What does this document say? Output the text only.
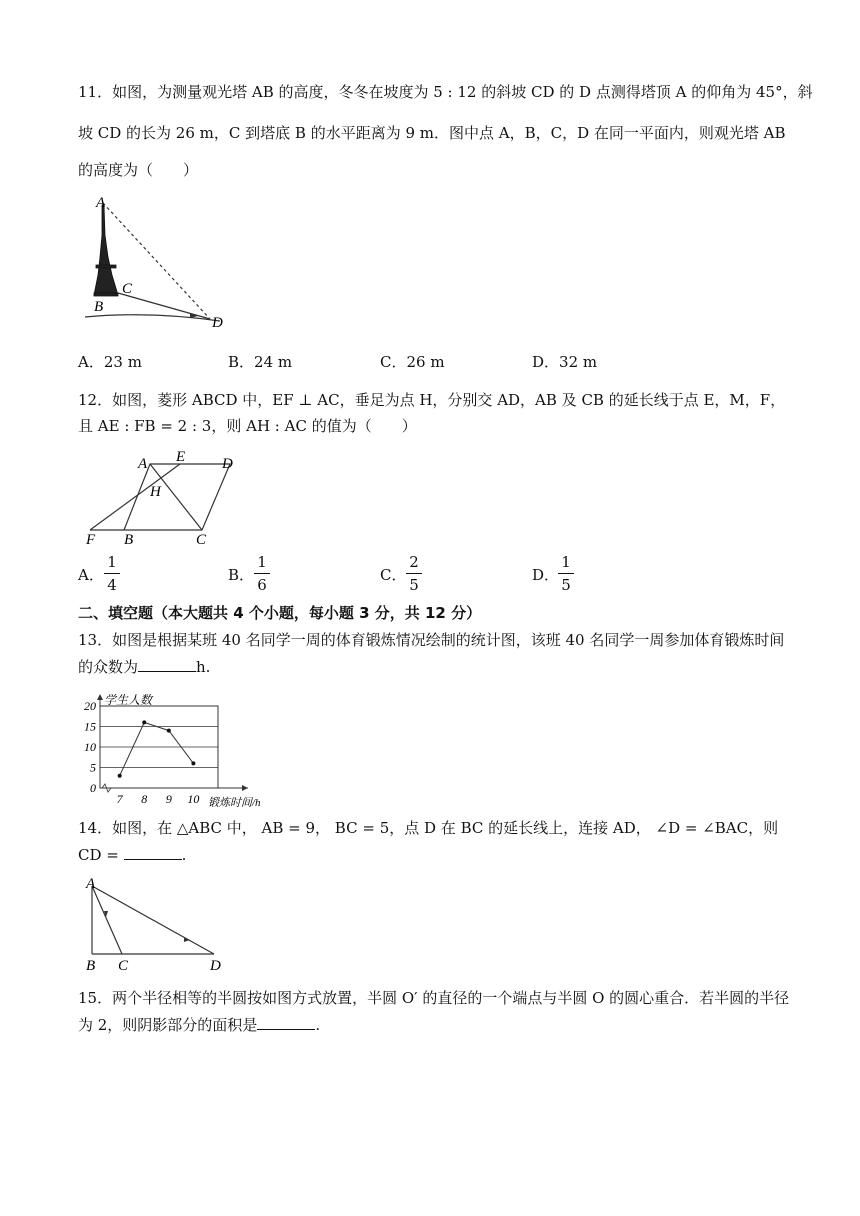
11．如图，为测量观光塔 AB 的高度，冬冬在坡度为 5 : 12 的斜坡 CD 的 D 点测得塔顶 A 的仰角为 45°，斜
坡 CD 的长为 26 m，C 到塔底 B 的水平距离为 9 m．图中点 A，B，C，D 在同一平面内，则观光塔 AB
的高度为（　　）
A
B
C
D
A．23 m	B．24 m	C．26 m	D．32 m
12．如图，菱形 ABCD 中，EF ⊥ AC，垂足为点 H，分别交 AD，AB 及 CB 的延长线于点 E，M，F，
且 AE : FB = 2 : 3，则 AH : AC 的值为（　　）
A E D
H
F B	C
A．
1
4
B．
1
6
C．
2
5
D．
1
5
二、填空题（本大题共 4 个小题，每小题 3 分，共 12 分）
13．如图是根据某班 40 名同学一周的体育锻炼情况绘制的统计图，该班 40 名同学一周参加体育锻炼时间
的众数为	h.
20
15
10
5
0
7 8 9 10
学生人数
锻炼时间/h
14．如图，在 △ABC 中， AB = 9， BC = 5，点 D 在 BC 的延长线上，连接 AD， ∠D = ∠BAC，则
CD =	.
A
B C	D
15．两个半径相等的半圆按如图方式放置，半圆 O′ 的直径的一个端点与半圆 O 的圆心重合．若半圆的半径
为 2，则阴影部分的面积是	.
